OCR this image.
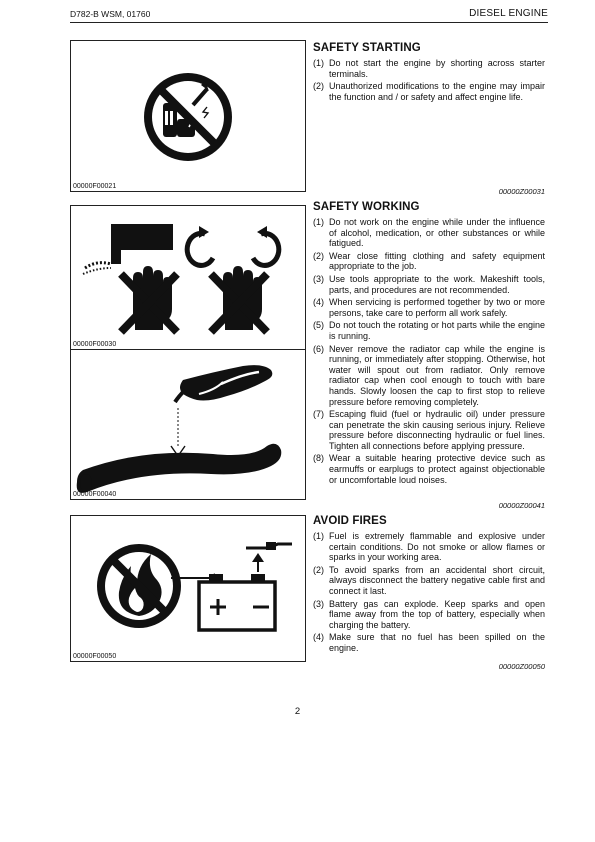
D782-B WSM, 01760	DIESEL ENGINE
00000F00021
00000F00030
00000F00040
00000F00050
SAFETY STARTING
(1) Do not start the engine by shorting across starter terminals.
(2) Unauthorized modifications to the engine may impair the function and / or safety and affect engine life.
00000Z00031
SAFETY WORKING
(1) Do not work on the engine while under the influence of alcohol, medication, or other substances or while fatigued.
(2) Wear close fitting clothing and safety equipment appropriate to the job.
(3) Use tools appropriate to the work. Makeshift tools, parts, and procedures are not recommended.
(4) When servicing is performed together by two or more persons, take care to perform all work safely.
(5) Do not touch the rotating or hot parts while the engine is running.
(6) Never remove the radiator cap while the engine is running, or immediately after stopping. Otherwise, hot water will spout out from radiator. Only remove radiator cap when cool enough to touch with bare hands. Slowly loosen the cap to first stop to relieve pressure before removing completely.
(7) Escaping fluid (fuel or hydraulic oil) under pressure can penetrate the skin causing serious injury. Relieve pressure before disconnecting hydraulic or fuel lines. Tighten all connections before applying pressure.
(8) Wear a suitable hearing protective device such as earmuffs or earplugs to protect against objectionable or uncomfortable loud noises.
00000Z00041
AVOID FIRES
(1) Fuel is extremely flammable and explosive under certain conditions. Do not smoke or allow flames or sparks in your working area.
(2) To avoid sparks from an accidental short circuit, always disconnect the battery negative cable first and connect it last.
(3) Battery gas can explode. Keep sparks and open flame away from the top of battery, especially when charging the battery.
(4) Make sure that no fuel has been spilled on the engine.
00000Z00050
2
